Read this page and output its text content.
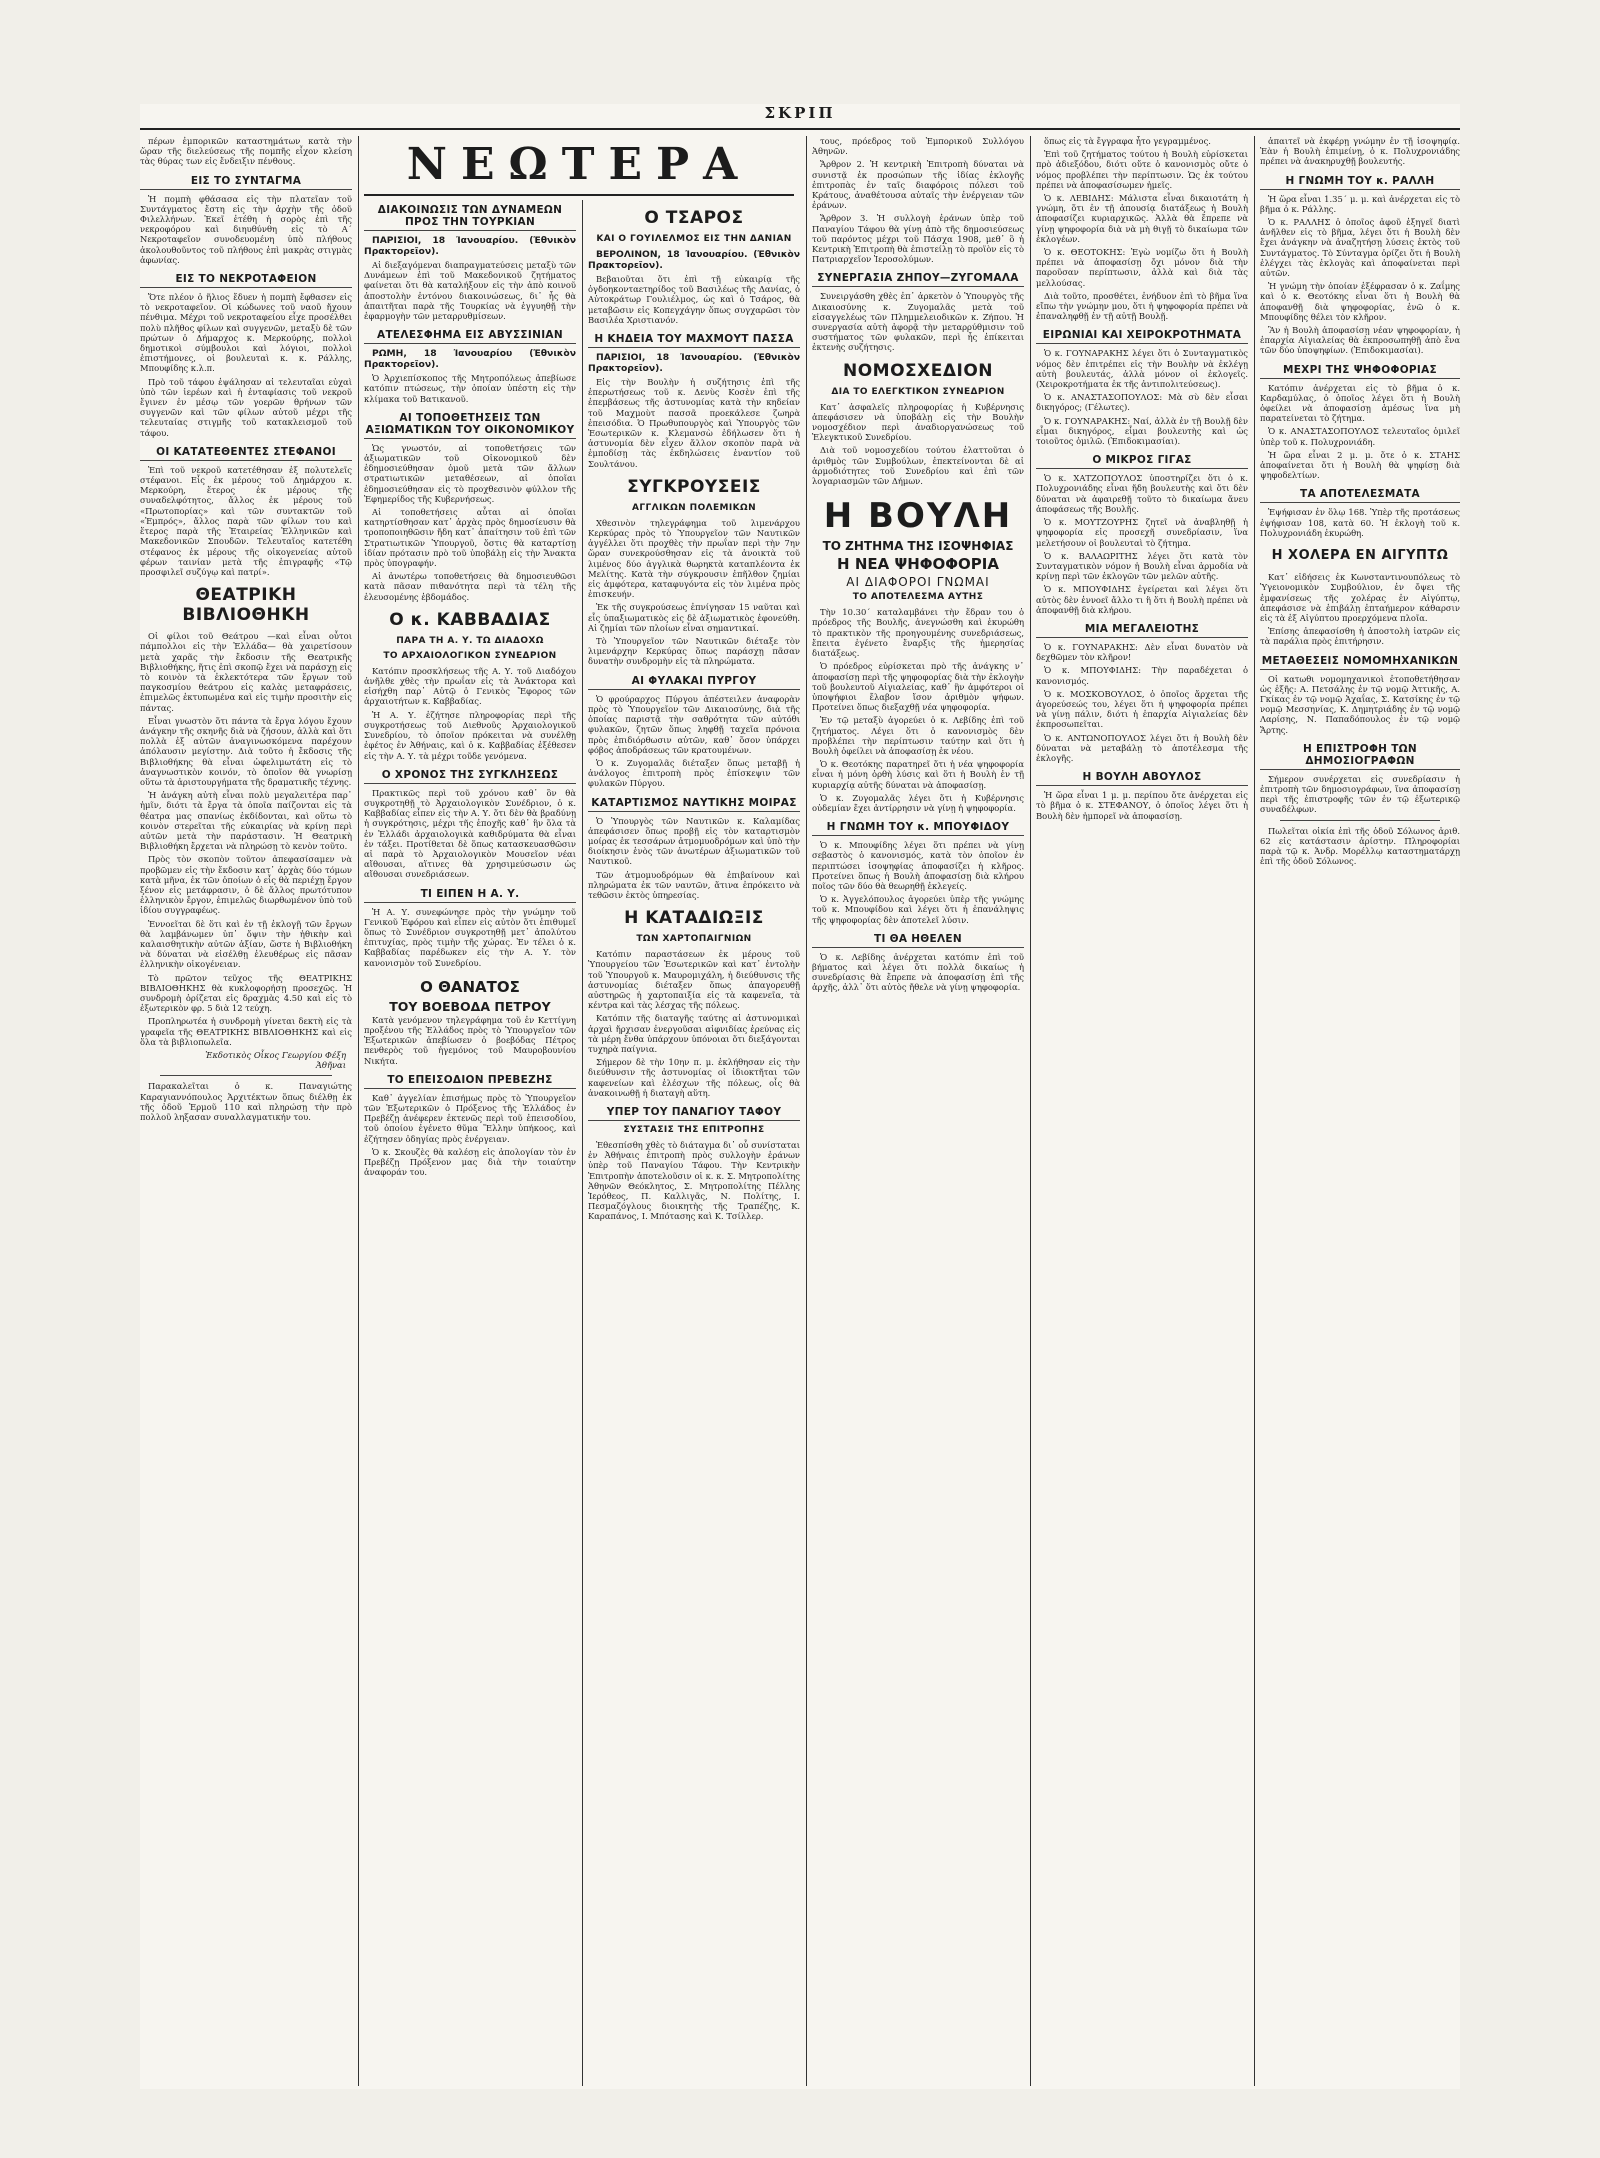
ΣΚΡΙΠ

πέρων ἐμπορικῶν καταστημάτων κατὰ τὴν ὥραν τῆς διελεύσεως τῆς πομπῆς εἶχον κλείση τὰς θύρας των εἰς ἔνδειξιν πένθους.

ΕΙΣ ΤΟ ΣΥΝΤΑΓΜΑ

Ἡ πομπὴ φθάσασα εἰς τὴν πλατεῖαν τοῦ Συντάγματος ἔστη εἰς τὴν ἀρχὴν τῆς ὁδοῦ Φιλελλήνων. Ἐκεῖ ἐτέθη ἡ σορὸς ἐπὶ τῆς νεκροφόρου καὶ διηυθύνθη εἰς τὸ Α΄ Νεκροταφεῖον συνοδευομένη ὑπὸ πλήθους ἀκολουθοῦντος τοῦ πλήθους ἐπὶ μακρὰς στιγμὰς ἀφωνίας.

ΕΙΣ ΤΟ ΝΕΚΡΟΤΑΦΕΙΟΝ

Ὅτε πλέον ὁ ἥλιος ἔδυεν ἡ πομπὴ ἔφθασεν εἰς τὸ νεκροταφεῖον. Οἱ κώδωνες τοῦ ναοῦ ἤχουν πένθιμα. Μέχρι τοῦ νεκροταφείου εἶχε προσέλθει πολὺ πλῆθος φίλων καὶ συγγενῶν, μεταξὺ δὲ τῶν πρώτων ὁ Δήμαρχος κ. Μερκούρης, πολλοὶ δημοτικοὶ σύμβουλοι καὶ λόγιοι, πολλοὶ ἐπιστήμονες, οἱ βουλευταὶ κ. κ. Ράλλης, Μπουφίδης κ.λ.π.

Πρὸ τοῦ τάφου ἐψάλησαν αἱ τελευταῖαι εὐχαὶ ὑπὸ τῶν ἱερέων καὶ ἡ ἐνταφίασις τοῦ νεκροῦ ἔγινεν ἐν μέσῳ τῶν γοερῶν θρήνων τῶν συγγενῶν καὶ τῶν φίλων αὐτοῦ μέχρι τῆς τελευταίας στιγμῆς τοῦ κατακλεισμοῦ τοῦ τάφου.

ΟΙ ΚΑΤΑΤΕΘΕΝΤΕΣ ΣΤΕΦΑΝΟΙ

Ἐπὶ τοῦ νεκροῦ κατετέθησαν ἐξ πολυτελεῖς στέφανοι. Εἷς ἐκ μέρους τοῦ Δημάρχου κ. Μερκούρη, ἕτερος ἐκ μέρους τῆς συναδελφότητος, ἄλλος ἐκ μέρους τοῦ «Πρωτοπορίας» καὶ τῶν συντακτῶν τοῦ «Ἐμπρός», ἄλλος παρὰ τῶν φίλων του καὶ ἕτερος παρὰ τῆς Ἑταιρείας Ἑλληνικῶν καὶ Μακεδονικῶν Σπουδῶν. Τελευταῖος κατετέθη στέφανος ἐκ μέρους τῆς οἰκογενείας αὐτοῦ φέρων ταινίαν μετὰ τῆς ἐπιγραφῆς «Τῷ προσφιλεῖ συζύγῳ καὶ πατρί».

ΘΕΑΤΡΙΚΗ ΒΙΒΛΙΟΘΗΚΗ

Οἱ φίλοι τοῦ Θεάτρου —καὶ εἶναι οὗτοι πάμπολλοι εἰς τὴν Ἑλλάδα— θὰ χαιρετίσουν μετὰ χαρᾶς τὴν ἔκδοσιν τῆς Θεατρικῆς Βιβλιοθήκης, ἥτις ἐπὶ σκοπῷ ἔχει νὰ παράσχῃ εἰς τὸ κοινὸν τὰ ἐκλεκτότερα τῶν ἔργων τοῦ παγκοσμίου θεάτρου εἰς καλὰς μεταφράσεις, ἐπιμελῶς ἐκτυπωμένα καὶ εἰς τιμὴν προσιτὴν εἰς πάντας.

Εἶναι γνωστὸν ὅτι πάντα τὰ ἔργα λόγου ἔχουν ἀνάγκην τῆς σκηνῆς διὰ νὰ ζήσουν, ἀλλὰ καὶ ὅτι πολλὰ ἐξ αὐτῶν ἀναγινωσκόμενα παρέχουν ἀπόλαυσιν μεγίστην. Διὰ τοῦτο ἡ ἔκδοσις τῆς Βιβλιοθήκης θὰ εἶναι ὠφελιμωτάτη εἰς τὸ ἀναγνωστικὸν κοινόν, τὸ ὁποῖον θὰ γνωρίσῃ οὕτω τὰ ἀριστουργήματα τῆς δραματικῆς τέχνης.

Ἡ ἀνάγκη αὐτὴ εἶναι πολὺ μεγαλειτέρα παρ᾽ ἡμῖν, διότι τὰ ἔργα τὰ ὁποῖα παίζονται εἰς τὰ θέατρα μας σπανίως ἐκδίδονται, καὶ οὕτω τὸ κοινὸν στερεῖται τῆς εὐκαιρίας νὰ κρίνῃ περὶ αὐτῶν μετὰ τὴν παράστασιν. Ἡ Θεατρικὴ Βιβλιοθήκη ἔρχεται νὰ πληρώσῃ τὸ κενὸν τοῦτο.

Πρὸς τὸν σκοπὸν τοῦτον ἀπεφασίσαμεν νὰ προβῶμεν εἰς τὴν ἔκδοσιν κατ᾽ ἀρχὰς δύο τόμων κατὰ μῆνα, ἐκ τῶν ὁποίων ὁ εἷς θὰ περιέχῃ ἔργον ξένον εἰς μετάφρασιν, ὁ δὲ ἄλλος πρωτότυπον ἑλληνικὸν ἔργον, ἐπιμελῶς διωρθωμένον ὑπὸ τοῦ ἰδίου συγγραφέως.

Ἐννοεῖται δὲ ὅτι καὶ ἐν τῇ ἐκλογῇ τῶν ἔργων θὰ λαμβάνωμεν ὑπ᾽ ὄψιν τὴν ἠθικὴν καὶ καλαισθητικὴν αὐτῶν ἀξίαν, ὥστε ἡ Βιβλιοθήκη νὰ δύναται νὰ εἰσέλθῃ ἐλευθέρως εἰς πᾶσαν ἑλληνικὴν οἰκογένειαν.

Τὸ πρῶτον τεῦχος τῆς ΘΕΑΤΡΙΚΗΣ ΒΙΒΛΙΟΘΗΚΗΣ θὰ κυκλοφορήσῃ προσεχῶς. Ἡ συνδρομὴ ὁρίζεται εἰς δραχμὰς 4.50 καὶ εἰς τὸ ἐξωτερικὸν φρ. 5 διὰ 12 τεύχη.

Προπληρωτέα ἡ συνδρομὴ γίνεται δεκτὴ εἰς τὰ γραφεῖα τῆς ΘΕΑΤΡΙΚΗΣ ΒΙΒΛΙΟΘΗΚΗΣ καὶ εἰς ὅλα τὰ βιβλιοπωλεῖα.

Ἐκδοτικὸς Οἶκος Γεωργίου Φέξη
Ἀθῆναι

Παρακαλεῖται ὁ κ. Παναγιώτης Καραγιαννόπουλος Ἀρχιτέκτων ὅπως διέλθῃ ἐκ τῆς ὁδοῦ Ἑρμοῦ 110 καὶ πληρώσῃ τὴν πρὸ πολλοῦ ληξασαν συναλλαγματικήν του.

ΝΕΩΤΕΡΑ
ΔΙΑΚΟΙΝΩΣΙΣ ΤΩΝ ΔΥΝΑΜΕΩΝ ΠΡΟΣ ΤΗΝ ΤΟΥΡΚΙΑΝ

ΠΑΡΙΣΙΟΙ, 18 Ἰανουαρίου. (Ἐθνικὸν Πρακτορεῖον).

Αἱ διεξαγόμεναι διαπραγματεύσεις μεταξὺ τῶν Δυνάμεων ἐπὶ τοῦ Μακεδονικοῦ ζητήματος φαίνεται ὅτι θὰ καταλήξουν εἰς τὴν ἀπὸ κοινοῦ ἀποστολὴν ἐντόνου διακοινώσεως, δι᾽ ἧς θὰ ἀπαιτῆται παρὰ τῆς Τουρκίας νὰ ἐγγυηθῇ τὴν ἐφαρμογὴν τῶν μεταρρυθμίσεων.

ΑΤΕΛΕΣΦΗΜΑ ΕΙΣ ΑΒΥΣΣΙΝΙΑΝ

ΡΩΜΗ, 18 Ἰανουαρίου (Ἐθνικὸν Πρακτορεῖον).

Ὁ Ἀρχιεπίσκοπος τῆς Μητροπόλεως ἀπεβίωσε κατόπιν πτώσεως, τὴν ὁποίαν ὑπέστη εἰς τὴν κλίμακα τοῦ Βατικανοῦ.

ΑΙ ΤΟΠΟΘΕΤΗΣΕΙΣ ΤΩΝ ΑΞΙΩΜΑΤΙΚΩΝ ΤΟΥ ΟΙΚΟΝΟΜΙΚΟΥ

Ὡς γνωστόν, αἱ τοποθετήσεις τῶν ἀξιωματικῶν τοῦ Οἰκονομικοῦ δὲν ἐδημοσιεύθησαν ὁμοῦ μετὰ τῶν ἄλλων στρατιωτικῶν μεταθέσεων, αἱ ὁποῖαι ἐδημοσιεύθησαν εἰς τὸ προχθεσινὸν φύλλον τῆς Ἐφημερίδος τῆς Κυβερνήσεως.

Αἱ τοποθετήσεις αὗται αἱ ὁποῖαι κατηρτίσθησαν κατ᾽ ἀρχὰς πρὸς δημοσίευσιν θὰ τροποποιηθῶσιν ἤδη κατ᾽ ἀπαίτησιν τοῦ ἐπὶ τῶν Στρατιωτικῶν Ὑπουργοῦ, ὅστις θὰ καταρτίσῃ ἰδίαν πρότασιν πρὸ τοῦ ὑποβάλῃ εἰς τὴν Ἄνακτα πρὸς ὑπογραφήν.

Αἱ ἀνωτέρω τοποθετήσεις θὰ δημοσιευθῶσι κατὰ πᾶσαν πιθανότητα περὶ τὰ τέλη τῆς ἐλευσομένης ἑβδομάδος.

Ο κ. ΚΑΒΒΑΔΙΑΣ
ΠΑΡΑ ΤΗ Α. Υ. ΤΩ ΔΙΑΔΟΧΩ
ΤΟ ΑΡΧΑΙΟΛΟΓΙΚΟΝ ΣΥΝΕΔΡΙΟΝ

Κατόπιν προσκλήσεως τῆς Α. Υ. τοῦ Διαδόχου ἀνῆλθε χθὲς τὴν πρωΐαν εἰς τὰ Ἀνάκτορα καὶ εἰσήχθη παρ᾽ Αὐτῷ ὁ Γενικὸς Ἔφορος τῶν ἀρχαιοτήτων κ. Καββαδίας.

Ἡ Α. Υ. ἐζήτησε πληροφορίας περὶ τῆς συγκροτήσεως τοῦ Διεθνοῦς Ἀρχαιολογικοῦ Συνεδρίου, τὸ ὁποῖον πρόκειται νὰ συνέλθῃ ἐφέτος ἐν Ἀθήναις, καὶ ὁ κ. Καββαδίας ἐξέθεσεν εἰς τὴν Α. Υ. τὰ μέχρι τοῦδε γενόμενα.

Ο ΧΡΟΝΟΣ ΤΗΣ ΣΥΓΚΛΗΣΕΩΣ

Πρακτικῶς περὶ τοῦ χρόνου καθ᾽ ὃν θὰ συγκροτηθῇ τὸ Ἀρχαιολογικὸν Συνέδριον, ὁ κ. Καββαδίας εἶπεν εἰς τὴν Α. Υ. ὅτι δὲν θὰ βραδύνῃ ἡ συγκρότησις, μέχρι τῆς ἐποχῆς καθ᾽ ἣν ὅλα τὰ ἐν Ἑλλάδι ἀρχαιολογικὰ καθιδρύματα θὰ εἶναι ἐν τάξει. Προτίθεται δὲ ὅπως κατασκευασθῶσιν αἱ παρὰ τὸ Ἀρχαιολογικὸν Μουσεῖον νέαι αἴθουσαι, αἵτινες θὰ χρησιμεύσωσιν ὡς αἴθουσαι συνεδριάσεων.

ΤΙ ΕΙΠΕΝ Η Α. Υ.

Ἡ Α. Υ. συνεφώνησε πρὸς τὴν γνώμην τοῦ Γενικοῦ Ἐφόρου καὶ εἶπεν εἰς αὐτὸν ὅτι ἐπιθυμεῖ ὅπως τὸ Συνέδριον συγκροτηθῇ μετ᾽ ἀπολύτου ἐπιτυχίας, πρὸς τιμὴν τῆς χώρας. Ἐν τέλει ὁ κ. Καββαδίας παρέδωκεν εἰς τὴν Α. Υ. τὸν κανονισμὸν τοῦ Συνεδρίου.

Ο ΘΑΝΑΤΟΣ
ΤΟΥ ΒΟΕΒΟΔΑ ΠΕΤΡΟΥ

Κατὰ γενόμενον τηλεγράφημα τοῦ ἐν Κεττίγνη προξένου τῆς Ἑλλάδος πρὸς τὸ Ὑπουργεῖον τῶν Ἐξωτερικῶν ἀπεβίωσεν ὁ βοεβόδας Πέτρος πενθερὸς τοῦ ἡγεμόνος τοῦ Μαυροβουνίου Νικήτα.

ΤΟ ΕΠΕΙΣΟΔΙΟΝ ΠΡΕΒΕΖΗΣ

Καθ᾽ ἀγγελίαν ἐπισήμως πρὸς τὸ Ὑπουργεῖον τῶν Ἐξωτερικῶν ὁ Πρόξενος τῆς Ἑλλάδος ἐν Πρεβέζῃ ἀνέφερεν ἐκτενῶς περὶ τοῦ ἐπεισοδίου, τοῦ ὁποίου ἐγένετο θῦμα Ἕλλην ὑπήκοος, καὶ ἐζήτησεν ὁδηγίας πρὸς ἐνέργειαν.

Ὁ κ. Σκουζὲς θὰ καλέσῃ εἰς ἀπολογίαν τὸν ἐν Πρεβέζῃ Πρόξενον μας διὰ τὴν τοιαύτην ἀναφοράν του.

Ο ΤΣΑΡΟΣ
ΚΑΙ Ο ΓΟΥΙΛΕΛΜΟΣ ΕΙΣ ΤΗΝ ΔΑΝΙΑΝ

ΒΕΡΟΛΙΝΟΝ, 18 Ἰανουαρίου. (Ἐθνικὸν Πρακτορεῖον).

Βεβαιοῦται ὅτι ἐπὶ τῇ εὐκαιρίᾳ τῆς ὀγδοηκονταετηρίδος τοῦ Βασιλέως τῆς Δανίας, ὁ Αὐτοκράτωρ Γουλιέλμος, ὡς καὶ ὁ Τσάρος, θὰ μεταβῶσιν εἰς Κοπεγχάγην ὅπως συγχαρῶσι τὸν Βασιλέα Χριστιανόν.

Η ΚΗΔΕΙΑ ΤΟΥ ΜΑΧΜΟΥΤ ΠΑΣΣΑ

ΠΑΡΙΣΙΟΙ, 18 Ἰανουαρίου. (Ἐθνικὸν Πρακτορεῖον).

Εἰς τὴν Βουλὴν ἡ συζήτησις ἐπὶ τῆς ἐπερωτήσεως τοῦ κ. Δενὺς Κοσὲν ἐπὶ τῆς ἐπεμβάσεως τῆς ἀστυνομίας κατὰ τὴν κηδείαν τοῦ Μαχμοὺτ πασσᾶ προεκάλεσε ζωηρὰ ἐπεισόδια. Ὁ Πρωθυπουργὸς καὶ Ὑπουργὸς τῶν Ἐσωτερικῶν κ. Κλεμανσὼ ἐδήλωσεν ὅτι ἡ ἀστυνομία δὲν εἶχεν ἄλλον σκοπὸν παρὰ νὰ ἐμποδίσῃ τὰς ἐκδηλώσεις ἐναντίον τοῦ Σουλτάνου.

ΣΥΓΚΡΟΥΣΕΙΣ
ΑΓΓΛΙΚΩΝ ΠΟΛΕΜΙΚΩΝ

Χθεσινὸν τηλεγράφημα τοῦ λιμενάρχου Κερκύρας πρὸς τὸ Ὑπουργεῖον τῶν Ναυτικῶν ἀγγέλλει ὅτι προχθὲς τὴν πρωΐαν περὶ τὴν 7ην ὥραν συνεκρούσθησαν εἰς τὰ ἀνοικτὰ τοῦ λιμένος δύο ἀγγλικὰ θωρηκτὰ καταπλέοντα ἐκ Μελίτης. Κατὰ τὴν σύγκρουσιν ἐπῆλθον ζημίαι εἰς ἀμφότερα, καταφυγόντα εἰς τὸν λιμένα πρὸς ἐπισκευήν.

Ἐκ τῆς συγκρούσεως ἐπνίγησαν 15 ναῦται καὶ εἷς ὑπαξιωματικὸς εἰς δὲ ἀξιωματικὸς ἐφονεύθη. Αἱ ζημίαι τῶν πλοίων εἶναι σημαντικαί.

Τὸ Ὑπουργεῖον τῶν Ναυτικῶν διέταξε τὸν λιμενάρχην Κερκύρας ὅπως παράσχῃ πᾶσαν δυνατὴν συνδρομὴν εἰς τὰ πληρώματα.

ΑΙ ΦΥΛΑΚΑΙ ΠΥΡΓΟΥ

Ὁ φρούραρχος Πύργου ἀπέστειλεν ἀναφορὰν πρὸς τὸ Ὑπουργεῖον τῶν Δικαιοσύνης, διὰ τῆς ὁποίας παριστᾷ τὴν σαθρότητα τῶν αὐτόθι φυλακῶν, ζητῶν ὅπως ληφθῇ ταχεῖα πρόνοια πρὸς ἐπιδιόρθωσιν αὐτῶν, καθ᾽ ὅσον ὑπάρχει φόβος ἀποδράσεως τῶν κρατουμένων.

Ὁ κ. Ζυγομαλᾶς διέταξεν ὅπως μεταβῇ ἡ ἀνάλογος ἐπιτροπὴ πρὸς ἐπίσκεψιν τῶν φυλακῶν Πύργου.

ΚΑΤΑΡΤΙΣΜΟΣ ΝΑΥΤΙΚΗΣ ΜΟΙΡΑΣ

Ὁ Ὑπουργὸς τῶν Ναυτικῶν κ. Καλαμίδας ἀπεφάσισεν ὅπως προβῇ εἰς τὸν καταρτισμὸν μοίρας ἐκ τεσσάρων ἀτμομυοδρόμων καὶ ὑπὸ τὴν διοίκησιν ἑνὸς τῶν ἀνωτέρων ἀξιωματικῶν τοῦ Ναυτικοῦ.

Τῶν ἀτμομυοδρόμων θὰ ἐπιβαίνουν καὶ πληρώματα ἐκ τῶν ναυτῶν, ἅτινα ἐπρόκειτο νὰ τεθῶσιν ἐκτὸς ὑπηρεσίας.

Η ΚΑΤΑΔΙΩΞΙΣ
ΤΩΝ ΧΑΡΤΟΠΑΙΓΝΙΩΝ

Κατόπιν παραστάσεων ἐκ μέρους τοῦ Ὑπουργείου τῶν Ἐσωτερικῶν καὶ κατ᾽ ἐντολὴν τοῦ Ὑπουργοῦ κ. Μαυρομιχάλη, ἡ διεύθυνσις τῆς ἀστυνομίας διέταξεν ὅπως ἀπαγορευθῇ αὐστηρῶς ἡ χαρτοπαιξία εἰς τὰ καφενεῖα, τὰ κέντρα καὶ τὰς λέσχας τῆς πόλεως.

Κατόπιν τῆς διαταγῆς ταύτης αἱ ἀστυνομικαὶ ἀρχαὶ ἤρχισαν ἐνεργοῦσαι αἰφνιδίας ἐρεύνας εἰς τὰ μέρη ἔνθα ὑπάρχουν ὑπόνοιαι ὅτι διεξάγονται τυχηρὰ παίγνια.

Σήμερον δὲ τὴν 10ην π. μ. ἐκλήθησαν εἰς τὴν διεύθυνσιν τῆς ἀστυνομίας οἱ ἰδιοκτῆται τῶν καφενείων καὶ ἐλέσχων τῆς πόλεως, οἷς θὰ ἀνακοινωθῇ ἡ διαταγὴ αὕτη.

ΥΠΕΡ ΤΟΥ ΠΑΝΑΓΙΟΥ ΤΑΦΟΥ
ΣΥΣΤΑΣΙΣ ΤΗΣ ΕΠΙΤΡΟΠΗΣ

Ἐθεσπίσθη χθὲς τὸ διάταγμα δι᾽ οὗ συνίσταται ἐν Ἀθήναις ἐπιτροπὴ πρὸς συλλογὴν ἐράνων ὑπὲρ τοῦ Παναγίου Τάφου. Τὴν Κεντρικὴν Ἐπιτροπὴν ἀποτελοῦσιν οἱ κ. κ. Σ. Μητροπολίτης Ἀθηνῶν Θεόκλητος, Σ. Μητροπολίτης Πέλλης Ἱερόθεος, Π. Καλλιγᾶς, Ν. Πολίτης, Ι. Πεσμαζόγλους διοικητὴς τῆς Τραπέζης, Κ. Καραπάνος, Ι. Μπότασης καὶ Κ. Τσίλλερ.

τους, πρόεδρος τοῦ Ἐμπορικοῦ Συλλόγου Ἀθηνῶν.

Ἄρθρον 2. Ἡ κεντρικὴ Ἐπιτροπὴ δύναται νὰ συνιστᾷ ἐκ προσώπων τῆς ἰδίας ἐκλογῆς ἐπιτροπὰς ἐν ταῖς διαφόροις πόλεσι τοῦ Κράτους, ἀναθέτουσα αὐταῖς τὴν ἐνέργειαν τῶν ἐράνων.

Ἄρθρον 3. Ἡ συλλογὴ ἐράνων ὑπὲρ τοῦ Παναγίου Τάφου θὰ γίνῃ ἀπὸ τῆς δημοσιεύσεως τοῦ παρόντος μέχρι τοῦ Πάσχα 1908, μεθ᾽ ὃ ἡ Κεντρικὴ Ἐπιτροπὴ θὰ ἐπιστείλῃ τὸ προϊὸν εἰς τὸ Πατριαρχεῖον Ἱεροσολύμων.

ΣΥΝΕΡΓΑΣΙΑ ΖΗΠΟΥ—ΖΥΓΟΜΑΛΑ

Συνειργάσθη χθὲς ἐπ᾽ ἀρκετὸν ὁ Ὑπουργὸς τῆς Δικαιοσύνης κ. Ζυγομαλᾶς μετὰ τοῦ εἰσαγγελέως τῶν Πλημμελειοδικῶν κ. Ζήπου. Ἡ συνεργασία αὐτὴ ἀφορᾷ τὴν μεταρρύθμισιν τοῦ συστήματος τῶν φυλακῶν, περὶ ἧς ἐπίκειται ἐκτενὴς συζήτησις.

ΝΟΜΟΣΧΕΔΙΟΝ
ΔΙΑ ΤΟ ΕΛΕΓΚΤΙΚΟΝ ΣΥΝΕΔΡΙΟΝ

Κατ᾽ ἀσφαλεῖς πληροφορίας ἡ Κυβέρνησις ἀπεφάσισεν νὰ ὑποβάλῃ εἰς τὴν Βουλὴν νομοσχέδιον περὶ ἀναδιοργανώσεως τοῦ Ἐλεγκτικοῦ Συνεδρίου.

Διὰ τοῦ νομοσχεδίου τούτου ἐλαττοῦται ὁ ἀριθμὸς τῶν Συμβούλων, ἐπεκτείνονται δὲ αἱ ἁρμοδιότητες τοῦ Συνεδρίου καὶ ἐπὶ τῶν λογαριασμῶν τῶν Δήμων.

Η ΒΟΥΛΗ
ΤΟ ΖΗΤΗΜΑ ΤΗΣ ΙΣΟΨΗΦΙΑΣ
Η ΝΕΑ ΨΗΦΟΦΟΡΙΑ
ΑΙ ΔΙΑΦΟΡΟΙ ΓΝΩΜΑΙ
ΤΟ ΑΠΟΤΕΛΕΣΜΑ ΑΥΤΗΣ

Τὴν 10.30΄ καταλαμβάνει τὴν ἕδραν του ὁ πρόεδρος τῆς Βουλῆς, ἀνεγνώσθη καὶ ἐκυρώθη τὸ πρακτικὸν τῆς προηγουμένης συνεδριάσεως, ἔπειτα ἐγένετο ἔναρξις τῆς ἡμερησίας διατάξεως.

Ὁ πρόεδρος εὑρίσκεται πρὸ τῆς ἀνάγκης ν᾽ ἀποφασίσῃ περὶ τῆς ψηφοφορίας διὰ τὴν ἐκλογὴν τοῦ βουλευτοῦ Αἰγιαλείας, καθ᾽ ἣν ἀμφότεροι οἱ ὑποψήφιοι ἔλαβον ἴσον ἀριθμὸν ψήφων. Προτείνει ὅπως διεξαχθῇ νέα ψηφοφορία.

Ἐν τῷ μεταξὺ ἀγορεύει ὁ κ. Λεβίδης ἐπὶ τοῦ ζητήματος. Λέγει ὅτι ὁ κανονισμὸς δὲν προβλέπει τὴν περίπτωσιν ταύτην καὶ ὅτι ἡ Βουλὴ ὀφείλει νὰ ἀποφασίσῃ ἐκ νέου.

Ὁ κ. Θεοτόκης παρατηρεῖ ὅτι ἡ νέα ψηφοφορία εἶναι ἡ μόνη ὀρθὴ λύσις καὶ ὅτι ἡ Βουλὴ ἐν τῇ κυριαρχίᾳ αὐτῆς δύναται νὰ ἀποφασίσῃ.

Ὁ κ. Ζυγομαλᾶς λέγει ὅτι ἡ Κυβέρνησις οὐδεμίαν ἔχει ἀντίρρησιν νὰ γίνῃ ἡ ψηφοφορία.

Η ΓΝΩΜΗ ΤΟΥ κ. ΜΠΟΥΦΙΔΟΥ

Ὁ κ. Μπουφίδης λέγει ὅτι πρέπει νὰ γίνῃ σεβαστὸς ὁ κανονισμός, κατὰ τὸν ὁποῖον ἐν περιπτώσει ἰσοψηφίας ἀποφασίζει ἡ κλῆρος. Προτείνει ὅπως ἡ Βουλὴ ἀποφασίσῃ διὰ κλήρου ποῖος τῶν δύο θὰ θεωρηθῇ ἐκλεγείς.

Ὁ κ. Ἀγγελόπουλος ἀγορεύει ὑπὲρ τῆς γνώμης τοῦ κ. Μπουφίδου καὶ λέγει ὅτι ἡ ἐπανάληψις τῆς ψηφοφορίας δὲν ἀποτελεῖ λύσιν.

ΤΙ ΘΑ ΗΘΕΛΕΝ

Ὁ κ. Λεβίδης ἀνέρχεται κατόπιν ἐπὶ τοῦ βήματος καὶ λέγει ὅτι πολλὰ δικαίως ἡ συνεδρίασις θὰ ἔπρεπε νὰ ἀποφασίσῃ ἐπὶ τῆς ἀρχῆς, ἀλλ᾽ ὅτι αὐτὸς ἤθελε νὰ γίνῃ ψηφοφορία.

ὅπως εἰς τὰ ἔγγραφα ἦτο γεγραμμένος.

Ἐπὶ τοῦ ζητήματος τούτου ἡ Βουλὴ εὑρίσκεται πρὸ ἀδιεξόδου, διότι οὔτε ὁ κανονισμὸς οὔτε ὁ νόμος προβλέπει τὴν περίπτωσιν. Ὡς ἐκ τούτου πρέπει νὰ ἀποφασίσωμεν ἡμεῖς.

Ὁ κ. ΛΕΒΙΔΗΣ: Μάλιστα εἶναι δικαιοτάτη ἡ γνώμη, ὅτι ἐν τῇ ἀπουσίᾳ διατάξεως ἡ Βουλὴ ἀποφασίζει κυριαρχικῶς. Ἀλλὰ θὰ ἔπρεπε νὰ γίνῃ ψηφοφορία διὰ νὰ μὴ θιγῇ τὸ δικαίωμα τῶν ἐκλογέων.

Ὁ κ. ΘΕΟΤΟΚΗΣ: Ἐγὼ νομίζω ὅτι ἡ Βουλὴ πρέπει νὰ ἀποφασίσῃ ὄχι μόνον διὰ τὴν παροῦσαν περίπτωσιν, ἀλλὰ καὶ διὰ τὰς μελλούσας.

Διὰ τοῦτο, προσθέτει, ἐνήδυον ἐπὶ τὸ βῆμα ἵνα εἴπω τὴν γνώμην μου, ὅτι ἡ ψηφοφορία πρέπει νὰ ἐπαναληφθῇ ἐν τῇ αὐτῇ Βουλῇ.

ΕΙΡΩΝΙΑΙ ΚΑΙ ΧΕΙΡΟΚΡΟΤΗΜΑΤΑ

Ὁ κ. ΓΟΥΝΑΡΑΚΗΣ λέγει ὅτι ὁ Συνταγματικὸς νόμος δὲν ἐπιτρέπει εἰς τὴν Βουλὴν νὰ ἐκλέγῃ αὐτὴ βουλευτάς, ἀλλὰ μόνον οἱ ἐκλογεῖς. (Χειροκροτήματα ἐκ τῆς ἀντιπολιτεύσεως).

Ὁ κ. ΑΝΑΣΤΑΣΟΠΟΥΛΟΣ: Μὰ σὺ δὲν εἶσαι δικηγόρος; (Γέλωτες).

Ὁ κ. ΓΟΥΝΑΡΑΚΗΣ: Ναί, ἀλλὰ ἐν τῇ Βουλῇ δὲν εἶμαι δικηγόρος, εἶμαι βουλευτὴς καὶ ὡς τοιοῦτος ὁμιλῶ. (Ἐπιδοκιμασίαι).

Ο ΜΙΚΡΟΣ ΓΙΓΑΣ

Ὁ κ. ΧΑΤΖΟΠΟΥΛΟΣ ὑποστηρίζει ὅτι ὁ κ. Πολυχρονιάδης εἶναι ἤδη βουλευτὴς καὶ ὅτι δὲν δύναται νὰ ἀφαιρεθῇ τοῦτο τὸ δικαίωμα ἄνευ ἀποφάσεως τῆς Βουλῆς.

Ὁ κ. ΜΟΥΤΖΟΥΡΗΣ ζητεῖ νὰ ἀναβληθῇ ἡ ψηφοφορία εἰς προσεχῆ συνεδρίασιν, ἵνα μελετήσουν οἱ βουλευταὶ τὸ ζήτημα.

Ὁ κ. ΒΑΛΑΩΡΙΤΗΣ λέγει ὅτι κατὰ τὸν Συνταγματικὸν νόμον ἡ Βουλὴ εἶναι ἁρμοδία νὰ κρίνῃ περὶ τῶν ἐκλογῶν τῶν μελῶν αὐτῆς.

Ὁ κ. ΜΠΟΥΦΙΔΗΣ ἐγείρεται καὶ λέγει ὅτι αὐτὸς δὲν ἐννοεῖ ἄλλο τι ἢ ὅτι ἡ Βουλὴ πρέπει νὰ ἀποφανθῇ διὰ κλήρου.

ΜΙΑ ΜΕΓΑΛΕΙΟΤΗΣ

Ὁ κ. ΓΟΥΝΑΡΑΚΗΣ: Δὲν εἶναι δυνατὸν νὰ δεχθῶμεν τὸν κλῆρον!

Ὁ κ. ΜΠΟΥΦΙΔΗΣ: Τὴν παραδέχεται ὁ κανονισμός.

Ὁ κ. ΜΟΣΚΟΒΟΥΛΟΣ, ὁ ὁποῖος ἄρχεται τῆς ἀγορεύσεώς του, λέγει ὅτι ἡ ψηφοφορία πρέπει νὰ γίνῃ πάλιν, διότι ἡ ἐπαρχία Αἰγιαλείας δὲν ἐκπροσωπεῖται.

Ὁ κ. ΑΝΤΩΝΟΠΟΥΛΟΣ λέγει ὅτι ἡ Βουλὴ δὲν δύναται νὰ μεταβάλῃ τὸ ἀποτέλεσμα τῆς ἐκλογῆς.

Η ΒΟΥΛΗ ΑΒΟΥΛΟΣ

Ἡ ὥρα εἶναι 1 μ. μ. περίπου ὅτε ἀνέρχεται εἰς τὸ βῆμα ὁ κ. ΣΤΕΦΑΝΟΥ, ὁ ὁποῖος λέγει ὅτι ἡ Βουλὴ δὲν ἠμπορεῖ νὰ ἀποφασίσῃ.

ἀπαιτεῖ νὰ ἐκφέρῃ γνώμην ἐν τῇ ἰσοψηφίᾳ. Ἐὰν ἡ Βουλὴ ἐπιμείνῃ, ὁ κ. Πολυχρονιάδης πρέπει νὰ ἀνακηρυχθῇ βουλευτής.

Η ΓΝΩΜΗ ΤΟΥ κ. ΡΑΛΛΗ

Ἡ ὥρα εἶναι 1.35΄ μ. μ. καὶ ἀνέρχεται εἰς τὸ βῆμα ὁ κ. Ράλλης.

Ὁ κ. ΡΑΛΛΗΣ ὁ ὁποῖος ἀφοῦ ἐξηγεῖ διατὶ ἀνῆλθεν εἰς τὸ βῆμα, λέγει ὅτι ἡ Βουλὴ δὲν ἔχει ἀνάγκην νὰ ἀναζητήσῃ λύσεις ἐκτὸς τοῦ Συντάγματος. Τὸ Σύνταγμα ὁρίζει ὅτι ἡ Βουλὴ ἐλέγχει τὰς ἐκλογὰς καὶ ἀποφαίνεται περὶ αὐτῶν.

Ἡ γνώμη τὴν ὁποίαν ἐξέφρασαν ὁ κ. Ζαΐμης καὶ ὁ κ. Θεοτόκης εἶναι ὅτι ἡ Βουλὴ θὰ ἀποφανθῇ διὰ ψηφοφορίας, ἐνῶ ὁ κ. Μπουφίδης θέλει τὸν κλῆρον.

Ἂν ἡ Βουλὴ ἀποφασίσῃ νέαν ψηφοφορίαν, ἡ ἐπαρχία Αἰγιαλείας θὰ ἐκπροσωπηθῇ ἀπὸ ἕνα τῶν δύο ὑποψηφίων. (Ἐπιδοκιμασίαι).

ΜΕΧΡΙ ΤΗΣ ΨΗΦΟΦΟΡΙΑΣ

Κατόπιν ἀνέρχεται εἰς τὸ βῆμα ὁ κ. Καρδαμύλας, ὁ ὁποῖος λέγει ὅτι ἡ Βουλὴ ὀφείλει νὰ ἀποφασίσῃ ἀμέσως ἵνα μὴ παρατείνεται τὸ ζήτημα.

Ὁ κ. ΑΝΑΣΤΑΣΟΠΟΥΛΟΣ τελευταῖος ὁμιλεῖ ὑπὲρ τοῦ κ. Πολυχρονιάδη.

Ἡ ὥρα εἶναι 2 μ. μ. ὅτε ὁ κ. ΣΤΑΗΣ ἀποφαίνεται ὅτι ἡ Βουλὴ θὰ ψηφίσῃ διὰ ψηφοδελτίων.

ΤΑ ΑΠΟΤΕΛΕΣΜΑΤΑ

Ἐψήφισαν ἐν ὅλῳ 168. Ὑπὲρ τῆς προτάσεως ἐψήφισαν 108, κατὰ 60. Ἡ ἐκλογὴ τοῦ κ. Πολυχρονιάδη ἐκυρώθη.

Η ΧΟΛΕΡΑ ΕΝ ΑΙΓΥΠΤΩ

Κατ᾽ εἰδήσεις ἐκ Κωνσταντινουπόλεως τὸ Ὑγειονομικὸν Συμβούλιον, ἐν ὄψει τῆς ἐμφανίσεως τῆς χολέρας ἐν Αἰγύπτῳ, ἀπεφάσισε νὰ ἐπιβάλῃ ἐπταήμερον κάθαρσιν εἰς τὰ ἐξ Αἰγύπτου προερχόμενα πλοῖα.

Ἐπίσης ἀπεφασίσθη ἡ ἀποστολὴ ἰατρῶν εἰς τὰ παράλια πρὸς ἐπιτήρησιν.

ΜΕΤΑΘΕΣΕΙΣ ΝΟΜΟΜΗΧΑΝΙΚΩΝ

Οἱ κατωθι νομομηχανικοὶ ἐτοποθετήθησαν ὡς ἑξῆς: Α. Πετσάλης ἐν τῷ νομῷ Ἀττικῆς, Α. Γκίκας ἐν τῷ νομῷ Ἀχαΐας, Σ. Κατσίκης ἐν τῷ νομῷ Μεσσηνίας, Κ. Δημητριάδης ἐν τῷ νομῷ Λαρίσης, Ν. Παπαδόπουλος ἐν τῷ νομῷ Ἄρτης.

Η ΕΠΙΣΤΡΟΦΗ ΤΩΝ ΔΗΜΟΣΙΟΓΡΑΦΩΝ

Σήμερον συνέρχεται εἰς συνεδρίασιν ἡ ἐπιτροπὴ τῶν δημοσιογράφων, ἵνα ἀποφασίσῃ περὶ τῆς ἐπιστροφῆς τῶν ἐν τῷ ἐξωτερικῷ συναδέλφων.

Πωλεῖται οἰκία ἐπὶ τῆς ὁδοῦ Σόλωνος ἀριθ. 62 εἰς κατάστασιν ἀρίστην. Πληροφορίαι παρὰ τῷ κ. Ἀνδρ. Μορέλλῳ καταστηματάρχῃ ἐπὶ τῆς ὁδοῦ Σόλωνος.
